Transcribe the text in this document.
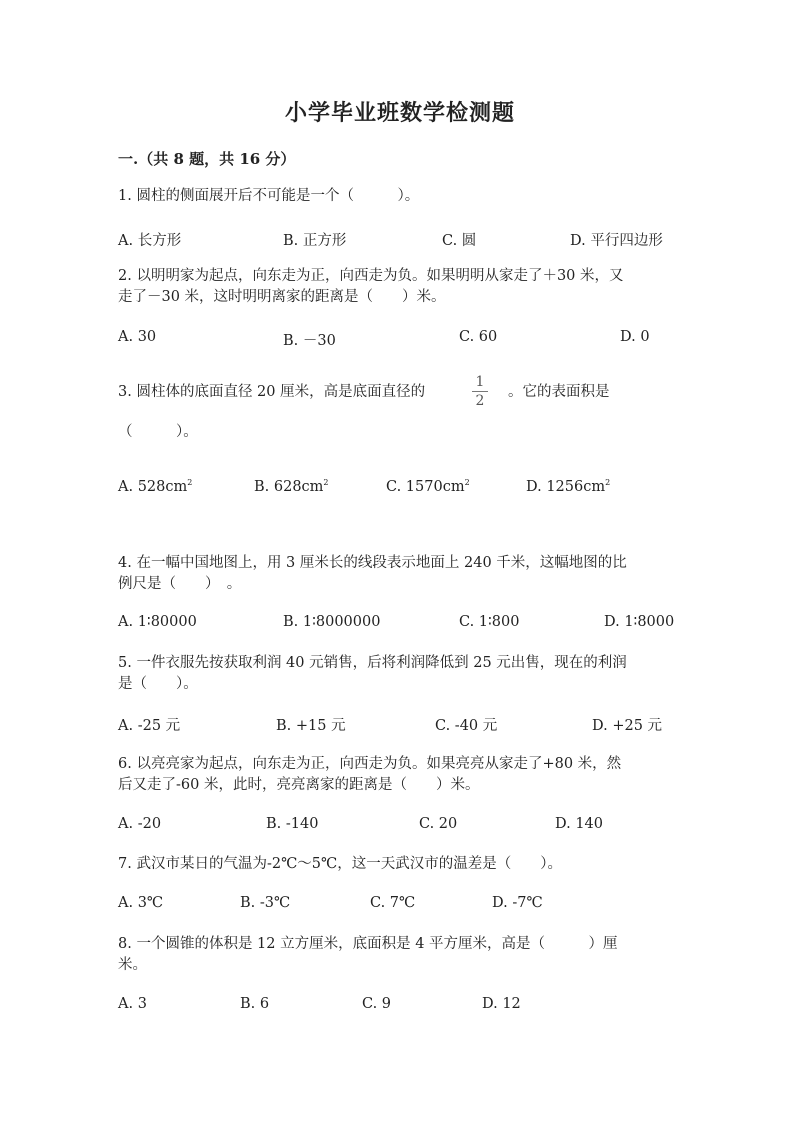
小学毕业班数学检测题
一.（共 8 题，共 16 分）
1. 圆柱的侧面展开后不可能是一个（　　　）。
A. 长方形	B. 正方形	C. 圆	D. 平行四边形
2. 以明明家为起点，向东走为正，向西走为负。如果明明从家走了＋30 米，又
走了－30 米，这时明明离家的距离是（　　）米。
A. 30	B. －30	C. 60	D. 0
3. 圆柱体的底面直径 20 厘米，高是底面直径的	$\frac{1}{2}$ 。它的表面积是
（　　　）。
A. $528cm^2$	B. $628cm^2$	C. $1570cm^2$	D. $1256cm^2$
4. 在一幅中国地图上，用 3 厘米长的线段表示地面上 240 千米，这幅地图的比
例尺是（　　）　。
A. 1∶80000	B. 1∶8000000	C. 1∶800	D. 1∶8000
5. 一件衣服先按获取利润 40 元销售，后将利润降低到 25 元出售，现在的利润
是（　　）。
A. -25 元	B. +15 元	C. -40 元	D. +25 元
6. 以亮亮家为起点，向东走为正，向西走为负。如果亮亮从家走了+80 米，然
后又走了-60 米，此时，亮亮离家的距离是（　　）米。
A. -20	B. -140	C. 20	D. 140
7. 武汉市某日的气温为-2℃～5℃，这一天武汉市的温差是（　　）。
A. 3℃	B. -3℃	C. 7℃	D. -7℃
8. 一个圆锥的体积是 12 立方厘米，底面积是 4 平方厘米，高是（　　　）厘
米。
A. 3	B. 6	C. 9	D. 12
